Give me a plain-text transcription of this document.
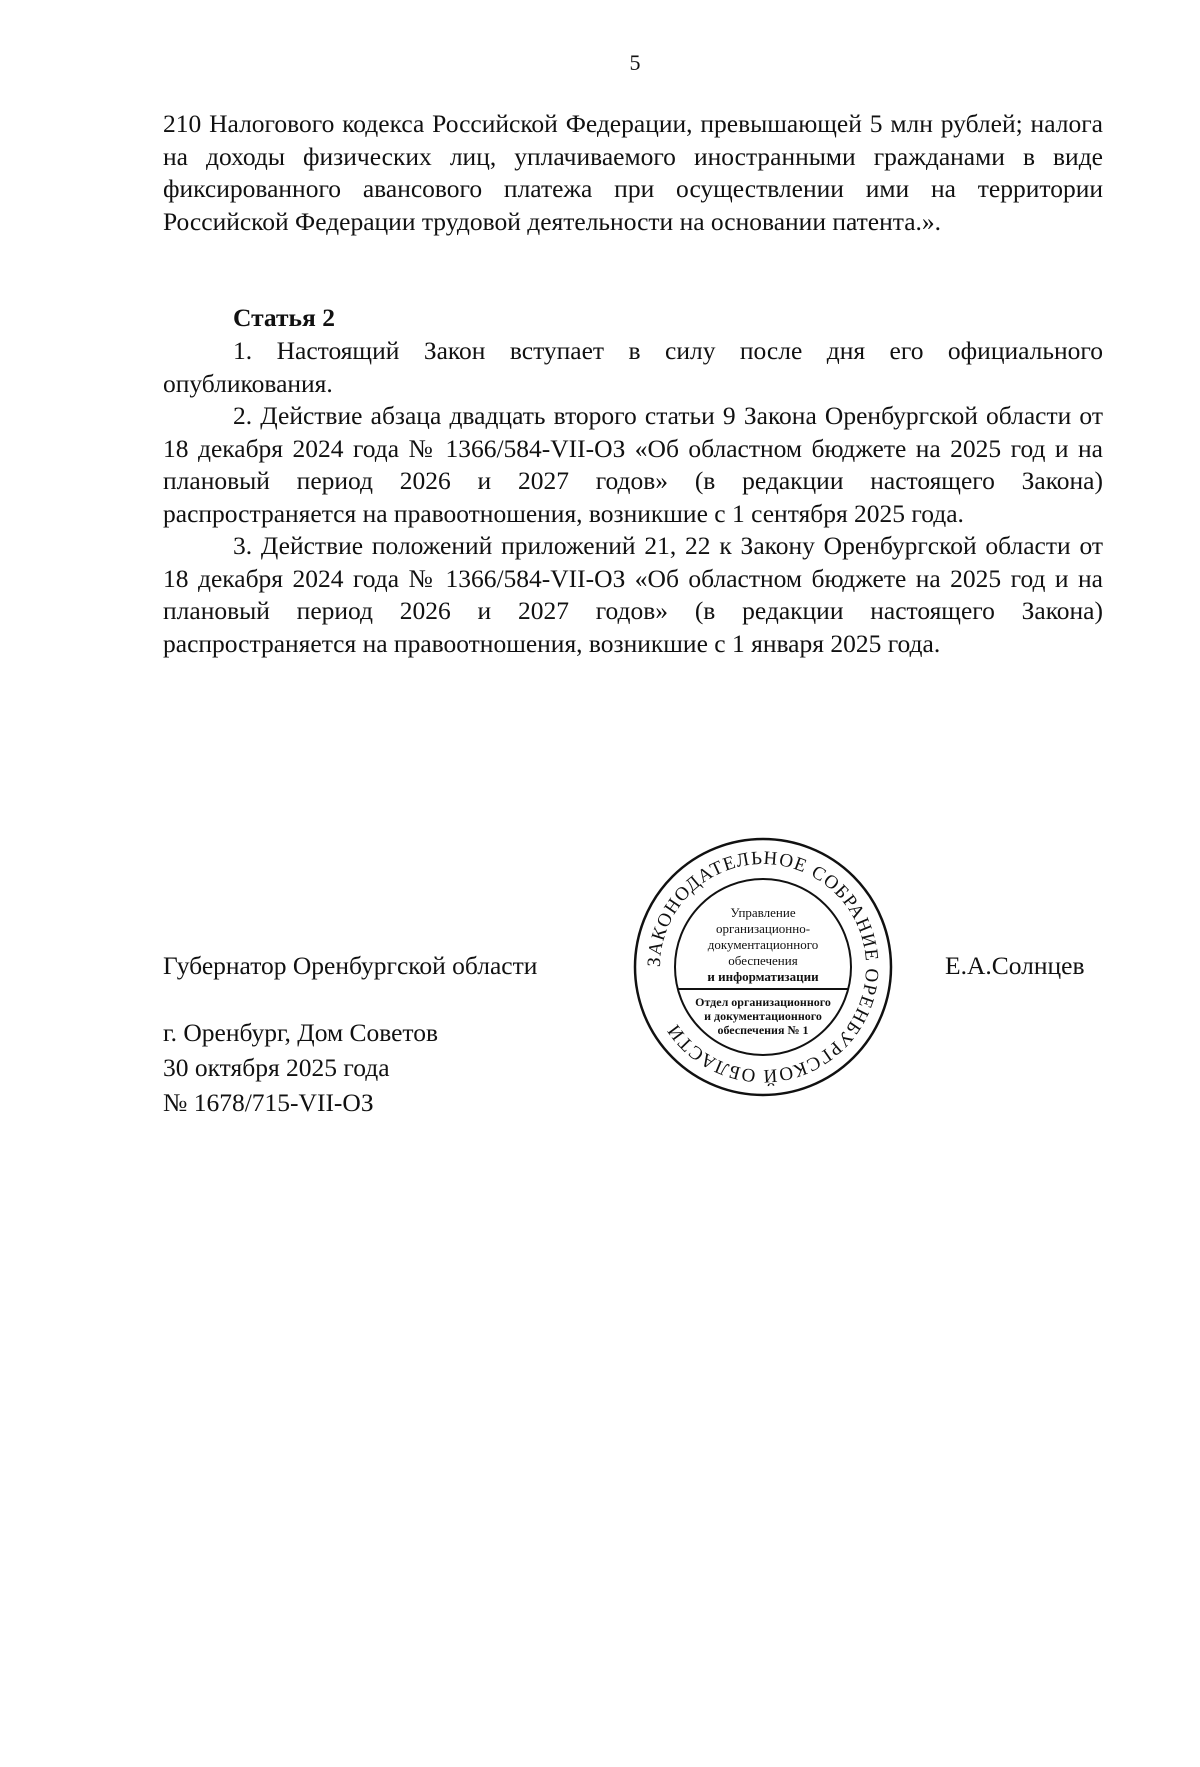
5

210 Налогового кодекса Российской Федерации, превышающей 5 млн рублей; налога на доходы физических лиц, уплачиваемого иностранными гражданами в виде фиксированного авансового платежа при осуществлении ими на территории Российской Федерации трудовой деятельности на основании патента.».

Статья 2

1. Настоящий Закон вступает в силу после дня его официального опубликования.

2. Действие абзаца двадцать второго статьи 9 Закона Оренбургской области от 18 декабря 2024 года № 1366/584-VII-ОЗ «Об областном бюджете на 2025 год и на плановый период 2026 и 2027 годов» (в редакции настоящего Закона) распространяется на правоотношения, возникшие с 1 сентября 2025 года.

3. Действие положений приложений 21, 22 к Закону Оренбургской области от 18 декабря 2024 года № 1366/584-VII-ОЗ «Об областном бюджете на 2025 год и на плановый период 2026 и 2027 годов» (в редакции настоящего Закона) распространяется на правоотношения, возникшие с 1 января 2025 года.

Губернатор Оренбургской области	ЗАКОНОДАТЕЛЬНОЕ СОБРАНИЕ ОРЕНБУРГСКОЙ ОБЛАСТИ
Управление
организационно-
документационного
обеспечения
и информатизации
Отдел организационного
и документационного
обеспечения № 1
Е.А.Солнцев
г. Оренбург, Дом Советов
30 октября 2025 года
№ 1678/715-VII-ОЗ
